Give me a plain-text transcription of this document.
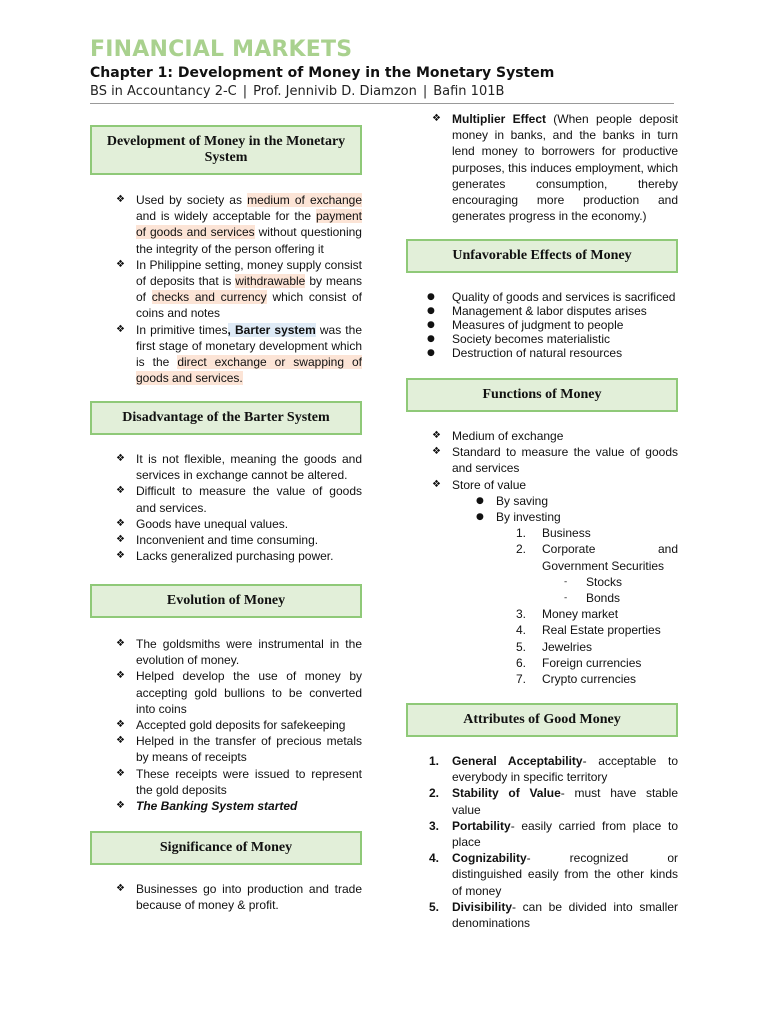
FINANCIAL MARKETS
Chapter 1: Development of Money in the Monetary System
BS in Accountancy 2-C | Prof. Jennivib D. Diamzon | Bafin 101B
Development of Money in the Monetary System
❖ Used by society as medium of exchange and is widely acceptable for the payment of goods and services without questioning the integrity of the person offering it
❖ In Philippine setting, money supply consist of deposits that is withdrawable by means of checks and currency which consist of coins and notes
❖ In primitive times, Barter system was the first stage of monetary development which is the direct exchange or swapping of goods and services.
Disadvantage of the Barter System
❖ It is not flexible, meaning the goods and services in exchange cannot be altered.
❖ Difficult to measure the value of goods and services.
❖ Goods have unequal values.
❖ Inconvenient and time consuming.
❖ Lacks generalized purchasing power.
Evolution of Money
❖ The goldsmiths were instrumental in the evolution of money.
❖ Helped develop the use of money by accepting gold bullions to be converted into coins
❖ Accepted gold deposits for safekeeping
❖ Helped in the transfer of precious metals by means of receipts
❖ These receipts were issued to represent the gold deposits
❖ The Banking System started
Significance of Money
❖ Businesses go into production and trade because of money & profit.
❖ Multiplier Effect (When people deposit money in banks, and the banks in turn lend money to borrowers for productive purposes, this induces employment, which generates consumption, thereby encouraging more production and generates progress in the economy.)
Unfavorable Effects of Money
● Quality of goods and services is sacrificed
● Management & labor disputes arises
● Measures of judgment to people
● Society becomes materialistic
● Destruction of natural resources
Functions of Money
❖ Medium of exchange
❖ Standard to measure the value of goods and services
❖ Store of value
● By saving
● By investing
1. Business
2. Corporate and Government Securities
- Stocks
- Bonds
3. Money market
4. Real Estate properties
5. Jewelries
6. Foreign currencies
7. Crypto currencies
Attributes of Good Money
1. General Acceptability- acceptable to everybody in specific territory
2. Stability of Value- must have stable value
3. Portability- easily carried from place to place
4. Cognizability- recognized or distinguished easily from the other kinds of money
5. Divisibility- can be divided into smaller denominations
